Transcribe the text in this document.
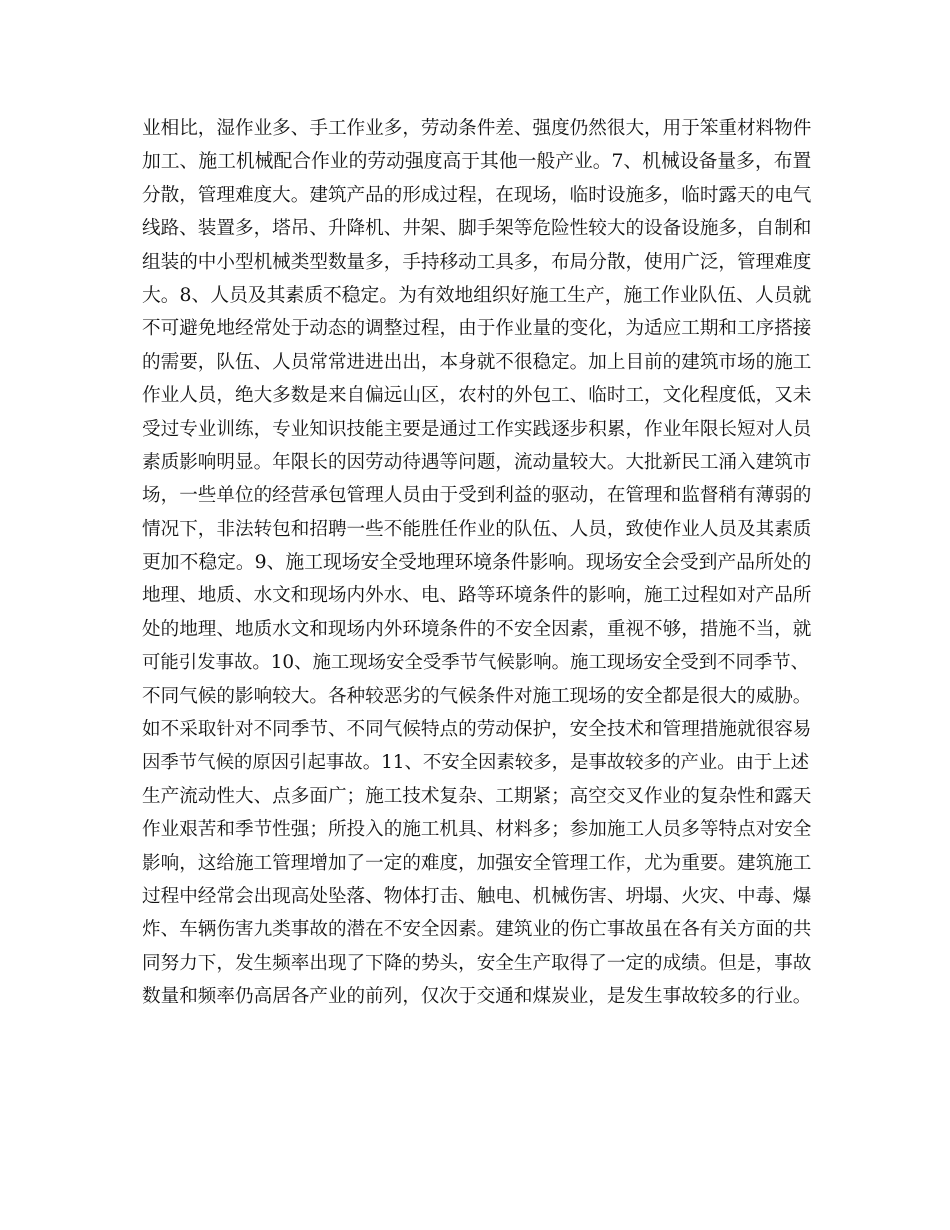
业相比，湿作业多、手工作业多，劳动条件差、强度仍然很大，用于笨重材料物件
加工、施工机械配合作业的劳动强度高于其他一般产业。7、机械设备量多，布置
分散，管理难度大。建筑产品的形成过程，在现场，临时设施多，临时露天的电气
线路、装置多，塔吊、升降机、井架、脚手架等危险性较大的设备设施多，自制和
组装的中小型机械类型数量多，手持移动工具多，布局分散，使用广泛，管理难度
大。8、人员及其素质不稳定。为有效地组织好施工生产，施工作业队伍、人员就
不可避免地经常处于动态的调整过程，由于作业量的变化，为适应工期和工序搭接
的需要，队伍、人员常常进进出出，本身就不很稳定。加上目前的建筑市场的施工
作业人员，绝大多数是来自偏远山区，农村的外包工、临时工，文化程度低，又未
受过专业训练，专业知识技能主要是通过工作实践逐步积累，作业年限长短对人员
素质影响明显。年限长的因劳动待遇等问题，流动量较大。大批新民工涌入建筑市
场，一些单位的经营承包管理人员由于受到利益的驱动，在管理和监督稍有薄弱的
情况下，非法转包和招聘一些不能胜任作业的队伍、人员，致使作业人员及其素质
更加不稳定。9、施工现场安全受地理环境条件影响。现场安全会受到产品所处的
地理、地质、水文和现场内外水、电、路等环境条件的影响，施工过程如对产品所
处的地理、地质水文和现场内外环境条件的不安全因素，重视不够，措施不当，就
可能引发事故。10、施工现场安全受季节气候影响。施工现场安全受到不同季节、
不同气候的影响较大。各种较恶劣的气候条件对施工现场的安全都是很大的威胁。
如不采取针对不同季节、不同气候特点的劳动保护，安全技术和管理措施就很容易
因季节气候的原因引起事故。11、不安全因素较多，是事故较多的产业。由于上述
生产流动性大、点多面广；施工技术复杂、工期紧；高空交叉作业的复杂性和露天
作业艰苦和季节性强；所投入的施工机具、材料多；参加施工人员多等特点对安全
影响，这给施工管理增加了一定的难度，加强安全管理工作，尤为重要。建筑施工
过程中经常会出现高处坠落、物体打击、触电、机械伤害、坍塌、火灾、中毒、爆
炸、车辆伤害九类事故的潜在不安全因素。建筑业的伤亡事故虽在各有关方面的共
同努力下，发生频率出现了下降的势头，安全生产取得了一定的成绩。但是，事故
数量和频率仍高居各产业的前列，仅次于交通和煤炭业，是发生事故较多的行业。
